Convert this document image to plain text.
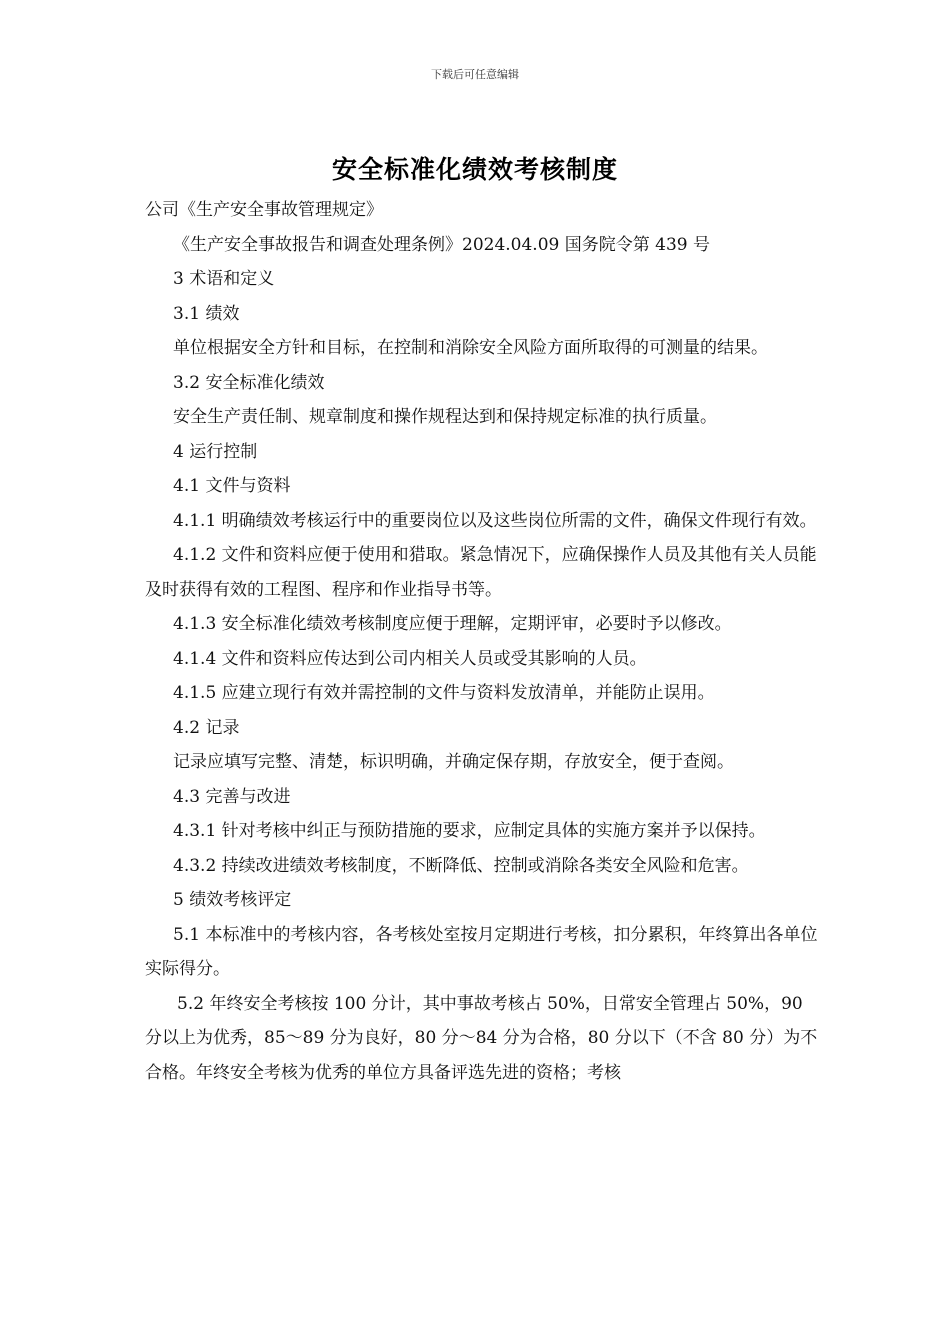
下载后可任意编辑
安全标准化绩效考核制度

公司《生产安全事故管理规定》

《生产安全事故报告和调查处理条例》2024.04.09 国务院令第 439 号

3 术语和定义

3.1 绩效

单位根据安全方针和目标，在控制和消除安全风险方面所取得的可测量的结果。

3.2 安全标准化绩效

安全生产责任制、规章制度和操作规程达到和保持规定标准的执行质量。

4 运行控制

4.1 文件与资料

4.1.1 明确绩效考核运行中的重要岗位以及这些岗位所需的文件，确保文件现行有效。

4.1.2 文件和资料应便于使用和猎取。紧急情况下，应确保操作人员及其他有关人员能及时获得有效的工程图、程序和作业指导书等。

4.1.3 安全标准化绩效考核制度应便于理解，定期评审，必要时予以修改。

4.1.4 文件和资料应传达到公司内相关人员或受其影响的人员。

4.1.5 应建立现行有效并需控制的文件与资料发放清单，并能防止误用。

4.2 记录

记录应填写完整、清楚，标识明确，并确定保存期，存放安全，便于查阅。

4.3 完善与改进

4.3.1 针对考核中纠正与预防措施的要求，应制定具体的实施方案并予以保持。

4.3.2 持续改进绩效考核制度，不断降低、控制或消除各类安全风险和危害。

5 绩效考核评定

5.1 本标准中的考核内容，各考核处室按月定期进行考核，扣分累积，年终算出各单位实际得分。

5.2 年终安全考核按 100 分计，其中事故考核占 50%，日常安全管理占 50%，90 分以上为优秀，85～89 分为良好，80 分～84 分为合格，80 分以下（不含 80 分）为不合格。年终安全考核为优秀的单位方具备评选先进的资格；考核
